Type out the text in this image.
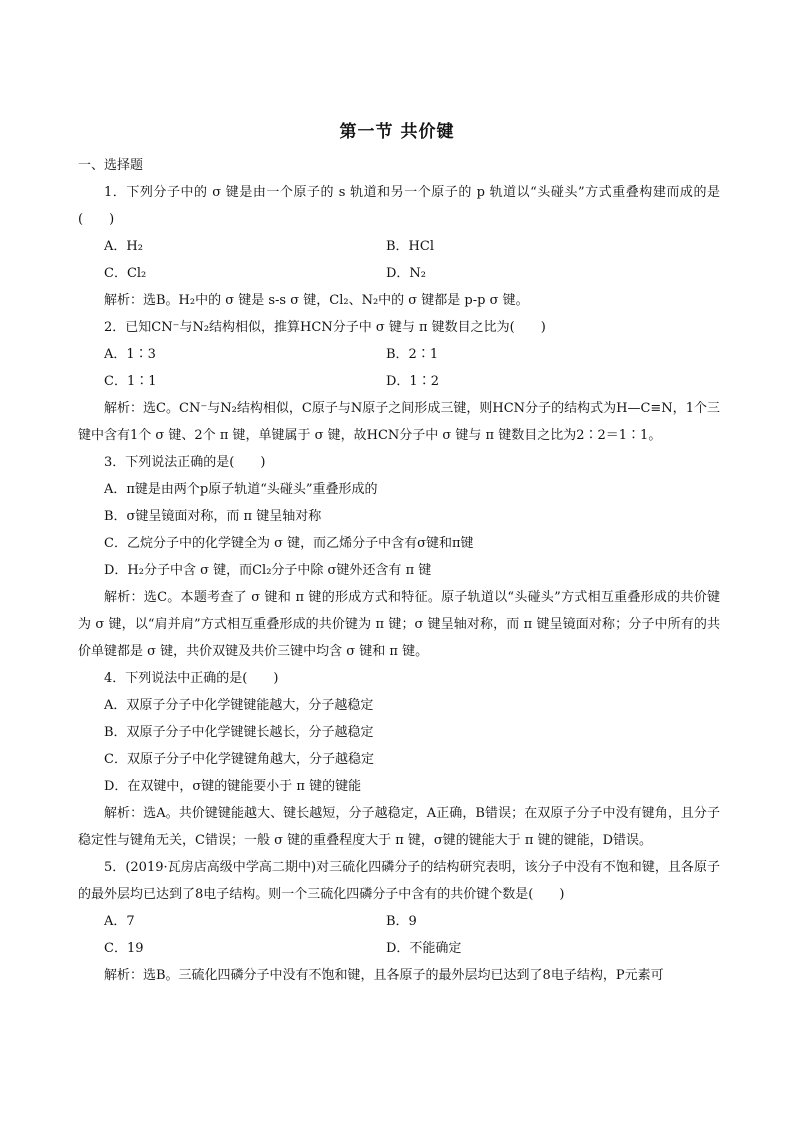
第一节 共价键
一、选择题
1．下列分子中的 σ 键是由一个原子的 s 轨道和另一个原子的 p 轨道以“头碰头”方式重叠构建而成的是(　　)
A．H₂	B．HCl
C．Cl₂	D．N₂
解析：选B。H₂中的 σ 键是 s-s σ 键，Cl₂、N₂中的 σ 键都是 p-p σ 键。
2．已知CN⁻与N₂结构相似，推算HCN分子中 σ 键与 π 键数目之比为(　　)
A．1∶3	B．2∶1
C．1∶1	D．1∶2
解析：选C。CN⁻与N₂结构相似，C原子与N原子之间形成三键，则HCN分子的结构式为H—C≡N，1个三键中含有1个 σ 键、2个 π 键，单键属于 σ 键，故HCN分子中 σ 键与 π 键数目之比为2∶2＝1∶1。
3．下列说法正确的是(　　)
A．π键是由两个p原子轨道“头碰头”重叠形成的
B．σ键呈镜面对称，而 π 键呈轴对称
C．乙烷分子中的化学键全为 σ 键，而乙烯分子中含有σ键和π键
D．H₂分子中含 σ 键，而Cl₂分子中除 σ键外还含有 π 键
解析：选C。本题考查了 σ 键和 π 键的形成方式和特征。原子轨道以“头碰头”方式相互重叠形成的共价键为 σ 键，以“肩并肩”方式相互重叠形成的共价键为 π 键；σ 键呈轴对称，而 π 键呈镜面对称；分子中所有的共价单键都是 σ 键，共价双键及共价三键中均含 σ 键和 π 键。
4．下列说法中正确的是(　　)
A．双原子分子中化学键键能越大，分子越稳定
B．双原子分子中化学键键长越长，分子越稳定
C．双原子分子中化学键键角越大，分子越稳定
D．在双键中，σ键的键能要小于 π 键的键能
解析：选A。共价键键能越大、键长越短，分子越稳定，A正确，B错误；在双原子分子中没有键角，且分子稳定性与键角无关，C错误；一般 σ 键的重叠程度大于 π 键，σ键的键能大于 π 键的键能，D错误。
5．(2019·瓦房店高级中学高二期中)对三硫化四磷分子的结构研究表明，该分子中没有不饱和键，且各原子的最外层均已达到了8电子结构。则一个三硫化四磷分子中含有的共价键个数是(　　)
A．7	B．9
C．19	D．不能确定
解析：选B。三硫化四磷分子中没有不饱和键，且各原子的最外层均已达到了8电子结构，P元素可
